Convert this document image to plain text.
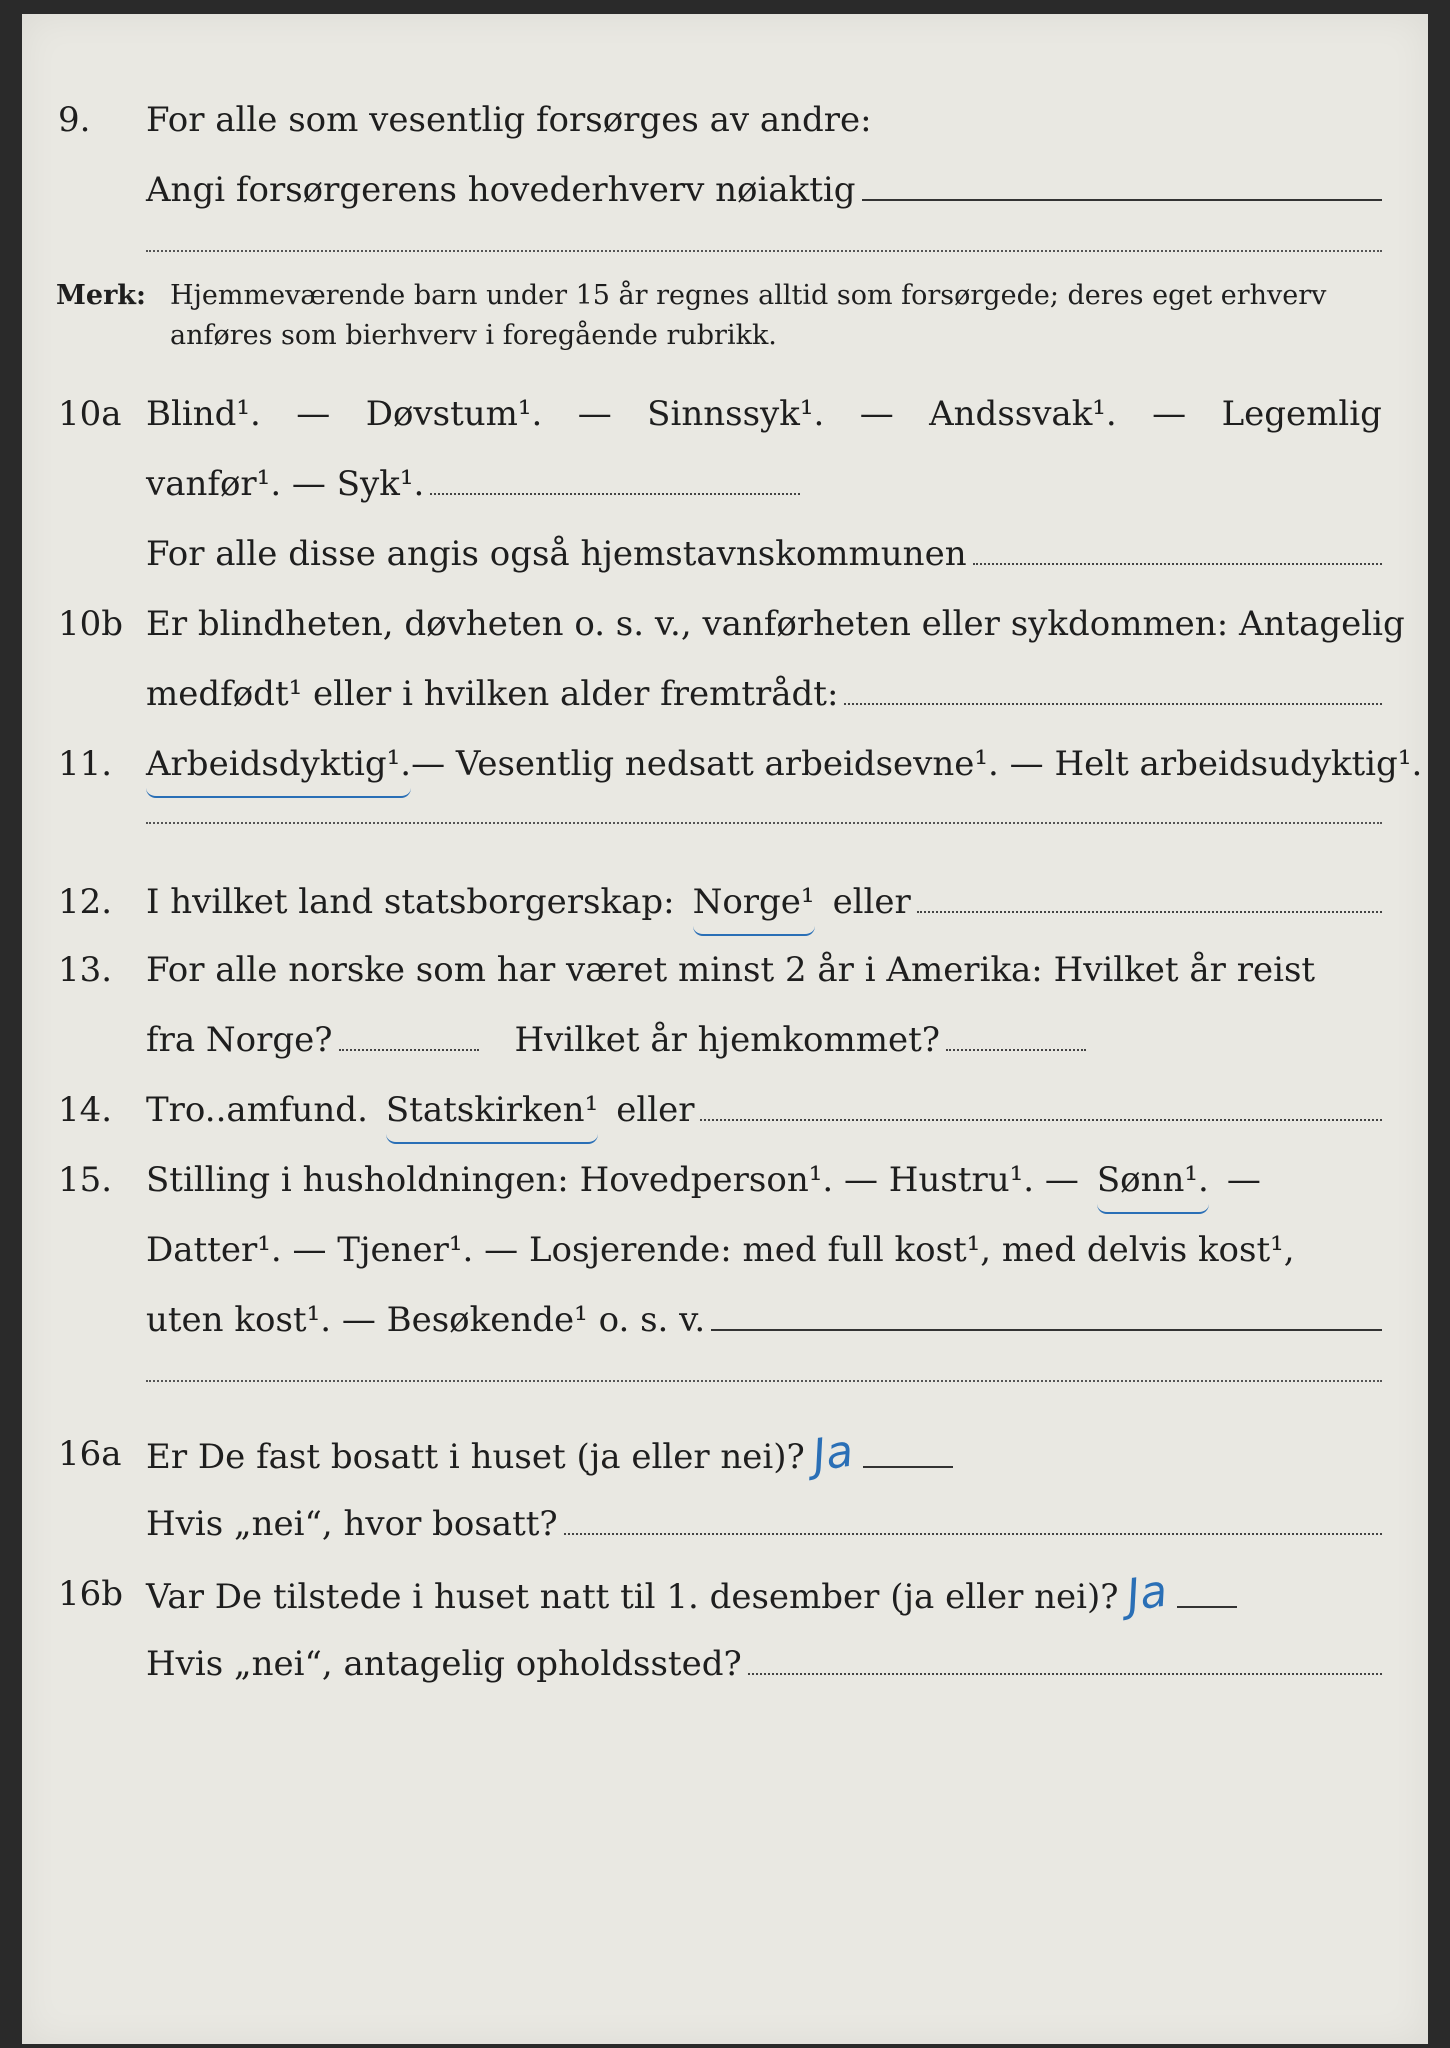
9. For alle som vesentlig forsørges av andre:
Angi forsørgerens hovederhverv nøiaktig
Merk: Hjemmeværende barn under 15 år regnes alltid som forsørgede; deres eget erhverv
anføres som bierhverv i foregående rubrikk.
10a Blind¹. — Døvstum¹. — Sinnssyk¹. — Andssvak¹. — Legemlig
vanfør¹. — Syk¹.
For alle disse angis også hjemstavnskommunen
10b Er blindheten, døvheten o. s. v., vanførheten eller sykdommen: Antagelig
medfødt¹ eller i hvilken alder fremtrådt:
11. Arbeidsdyktig¹. — Vesentlig nedsatt arbeidsevne¹. — Helt arbeidsudyktig¹.
12. I hvilket land statsborgerskap: Norge¹ eller
13. For alle norske som har været minst 2 år i Amerika: Hvilket år reist
fra Norge?	Hvilket år hjemkommet?
14. Tro..amfund. Statskirken¹ eller
15. Stilling i husholdningen: Hovedperson¹. — Hustru¹. — Sønn¹. —
Datter¹. — Tjener¹. — Losjerende: med full kost¹, med delvis kost¹,
uten kost¹. — Besøkende¹ o. s. v.
16a Er De fast bosatt i huset (ja eller nei)? Ja
Hvis „nei“, hvor bosatt?
16b Var De tilstede i huset natt til 1. desember (ja eller nei)? Ja
Hvis „nei“, antagelig opholdssted?
